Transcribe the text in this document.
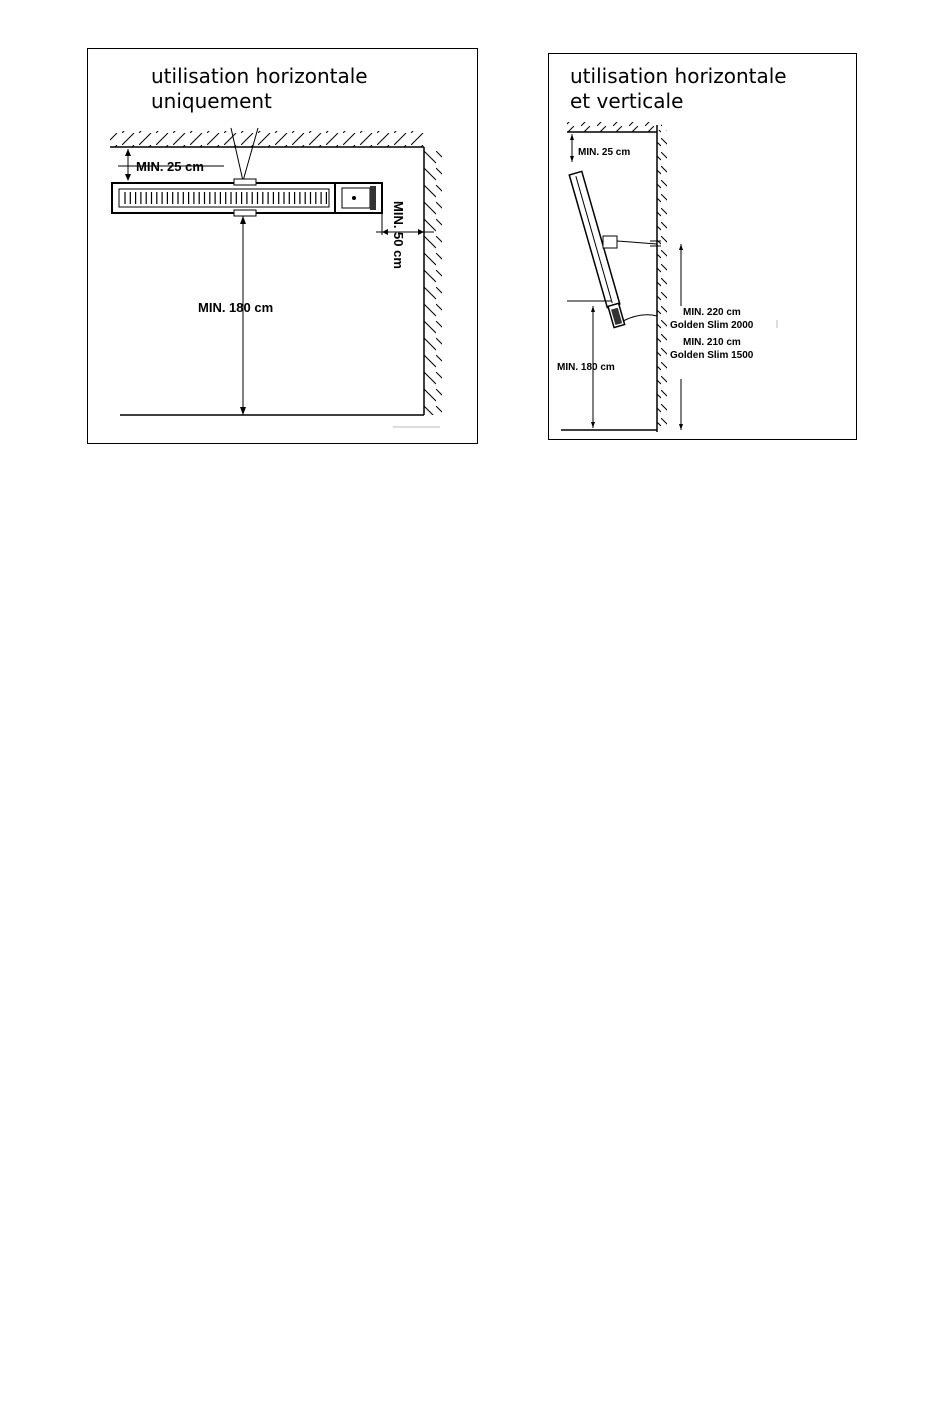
utilisation horizontale
uniquement
MIN. 25 cm
MIN. 50 cm
MIN. 180 cm
utilisation horizontale
et verticale
MIN. 25 cm
MIN. 180 cm
MIN. 220 cm
Golden Slim 2000
MIN. 210 cm
Golden Slim 1500
